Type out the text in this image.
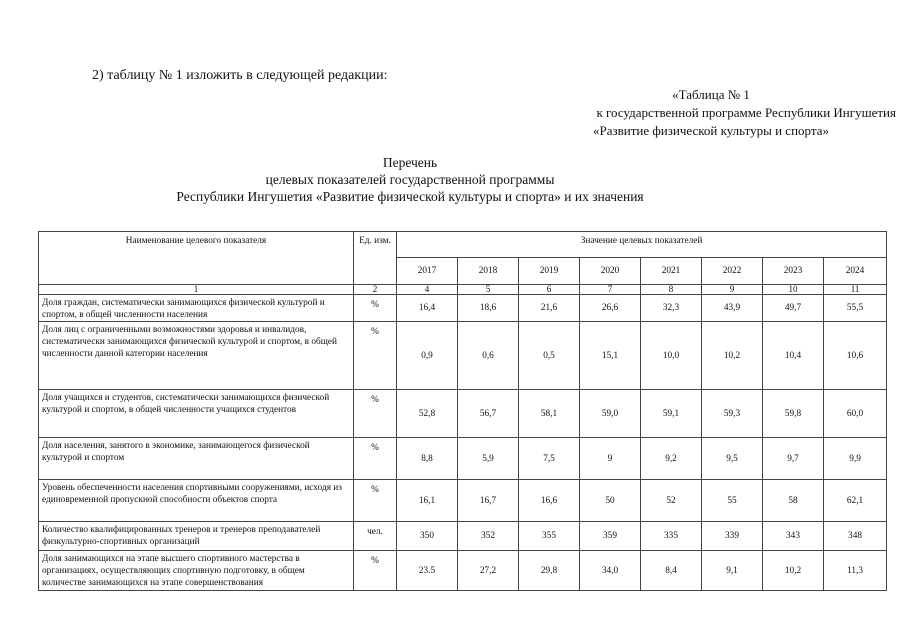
2) таблицу № 1 изложить в следующей редакции:
«Таблица № 1
к государственной программе Республики Ингушетия
«Развитие физической культуры и спорта»
Перечень
целевых показателей государственной программы
Республики Ингушетия «Развитие физической культуры и спорта» и их значения
Наименование целевого показателя	Ед. изм.	Значение целевых показателей							
		2017	2018	2019	2020	2021	2022	2023	2024
1	2	4	5	6	7	8	9	10	11
Доля граждан, систематически занимающихся физической культурой и спортом, в общей численности населения	%	16,4	18,6	21,6	26,6	32,3	43,9	49,7	55,5
Доля лиц с ограниченными возможностями здоровья и инвалидов, систематически занимающихся физической культурой и спортом, в общей численности данной категории населения	%	0,9	0,6	0,5	15,1	10,0	10,2	10,4	10,6
Доля учащихся и студентов, систематически занимающихся физической культурой и спортом, в общей численности учащихся студентов	%	52,8	56,7	58,1	59,0	59,1	59,3	59,8	60,0
Доля населения, занятого в экономике, занимающегося физической культурой и спортом	%	8,8	5,9	7,5	9	9,2	9,5	9,7	9,9
Уровень обеспеченности населения спортивными сооружениями, исходя из единовременной пропускной способности объектов спорта	%	16,1	16,7	16,6	50	52	55	58	62,1
Количество квалифицированных тренеров и тренеров преподавателей физкультурно-спортивных организаций	чел.	350	352	355	359	335	339	343	348
Доля занимающихся на этапе высшего спортивного мастерства в организациях, осуществляющих спортивную подготовку, в общем количестве занимающихся на этапе совершенствования	%	23.5	27,2	29,8	34,0	8,4	9,1	10,2	11,3
